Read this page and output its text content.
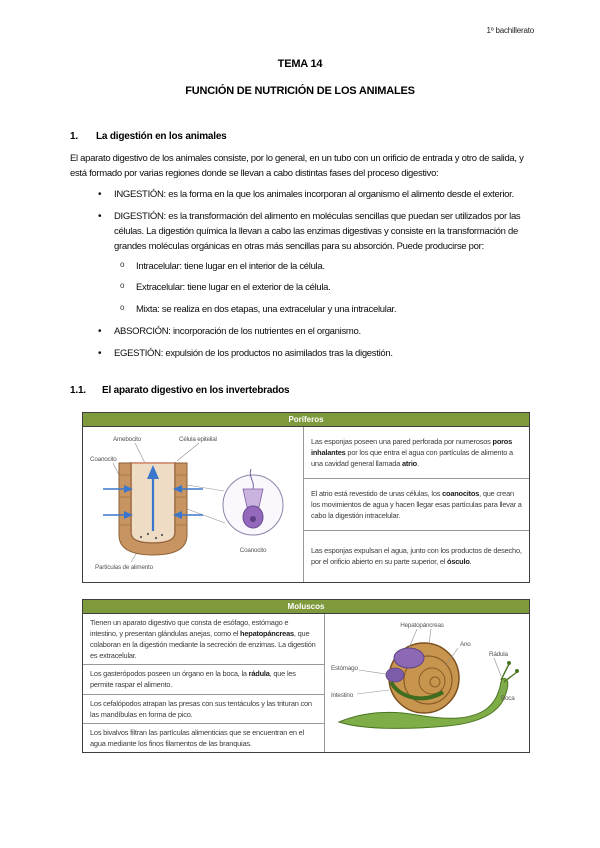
1º bachillerato
TEMA 14
FUNCIÓN DE NUTRICIÓN DE LOS ANIMALES
1. La digestión en los animales

El aparato digestivo de los animales consiste, por lo general, en un tubo con un orificio de entrada y otro de salida, y está formado por varias regiones donde se llevan a cabo distintas fases del proceso digestivo:

• INGESTIÓN: es la forma en la que los animales incorporan al organismo el alimento desde el exterior.
• DIGESTIÓN: es la transformación del alimento en moléculas sencillas que puedan ser utilizados por las células. La digestión química la llevan a cabo las enzimas digestivas y consiste en la transformación de grandes moléculas orgánicas en otras más sencillas para su absorción. Puede producirse por:
o Intracelular: tiene lugar en el interior de la célula.
o Extracelular: tiene lugar en el exterior de la célula.
o Mixta: se realiza en dos etapas, una extracelular y una intracelular.
• ABSORCIÓN: incorporación de los nutrientes en el organismo.
• EGESTIÓN: expulsión de los productos no asimilados tras la digestión.
1.1. El aparato digestivo en los invertebrados
Poríferos
Amebocito	Célula epitelial
Coanocito
Partículas de alimento
Coanocito
Las esponjas poseen una pared perforada por numerosos poros inhalantes por los que entra el agua con partículas de alimento a una cavidad general llamada atrio.
El atrio está revestido de unas células, los coanocitos, que crean los movimientos de agua y hacen llegar esas partículas para llevar a cabo la digestión intracelular.
Las esponjas expulsan el agua, junto con los productos de desecho, por el orificio abierto en su parte superior, el ósculo.
Moluscos
Tienen un aparato digestivo que consta de esófago, estómago e intestino, y presentan glándulas anejas, como el hepatopáncreas, que colaboran en la digestión mediante la secreción de enzimas. La digestión es extracelular.
Los gasterópodos poseen un órgano en la boca, la rádula, que les permite raspar el alimento.
Los cefalópodos atrapan las presas con sus tentáculos y las trituran con las mandíbulas en forma de pico.
Los bivalvos filtran las partículas alimenticias que se encuentran en el agua mediante los finos filamentos de las branquias.
Hepatopáncreas
Ano
Estómago
Intestino
Rádula
Boca
